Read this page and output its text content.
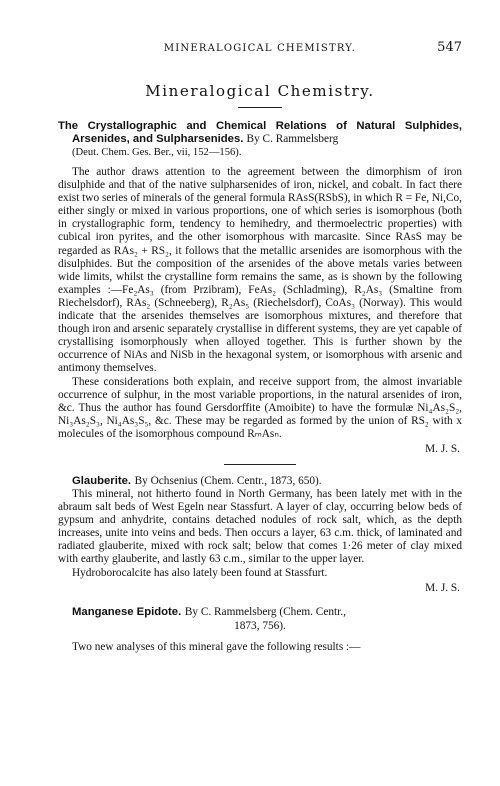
MINERALOGICAL CHEMISTRY.	547
Mineralogical Chemistry.
The Crystallographic and Chemical Relations of Natural Sulphides, Arsenides, and Sulpharsenides. By C. Rammelsberg
(Deut. Chem. Ges. Ber., vii, 152—156).

The author draws attention to the agreement between the dimorphism of iron disulphide and that of the native sulpharsenides of iron, nickel, and cobalt. In fact there exist two series of minerals of the general formula RAsS(RSbS), in which R = Fe, Ni,Co, either singly or mixed in various proportions, one of which series is isomorphous (both in crystallographic form, tendency to hemihedry, and thermoelectric properties) with cubical iron pyrites, and the other isomorphous with marcasite. Since RAsS may be regarded as RAs₂ + RS₂, it follows that the metallic arsenides are isomorphous with the disulphides. But the composition of the arsenides of the above metals varies between wide limits, whilst the crystalline form remains the same, as is shown by the following examples :—Fe₂As₃ (from Przibram), FeAs₂ (Schladming), R₂As₃ (Smaltine from Riechelsdorf), RAs₂ (Schneeberg), R₂As₅ (Riechelsdorf), CoAs₃ (Norway). This would indicate that the arsenides themselves are isomorphous mixtures, and therefore that though iron and arsenic separately crystallise in different systems, they are yet capable of crystallising isomorphously when alloyed together. This is further shown by the occurrence of NiAs and NiSb in the hexagonal system, or isomorphous with arsenic and antimony themselves.

These considerations both explain, and receive support from, the almost invariable occurrence of sulphur, in the most variable proportions, in the natural arsenides of iron, &c. Thus the author has found Gersdorffite (Amoibite) to have the formulæ Ni₄As₂S₂, Ni₃As₂S₃, Ni₄As₃S₅, &c. These may be regarded as formed by the union of RS₂ with x molecules of the isomorphous compound RₘAsₙ.

M. J. S.
Glauberite. By Ochsenius (Chem. Centr., 1873, 650).

This mineral, not hitherto found in North Germany, has been lately met with in the abraum salt beds of West Egeln near Stassfurt. A layer of clay, occurring below beds of gypsum and anhydrite, contains detached nodules of rock salt, which, as the depth increases, unite into veins and beds. Then occurs a layer, 63 c.m. thick, of laminated and radiated glauberite, mixed with rock salt; below that comes 1·26 meter of clay mixed with earthy glauberite, and lastly 63 c.m., similar to the upper layer.

Hydroborocalcite has also lately been found at Stassfurt.

M. J. S.
Manganese Epidote. By C. Rammelsberg (Chem. Centr.,
1873, 756).

Two new analyses of this mineral gave the following results :—
